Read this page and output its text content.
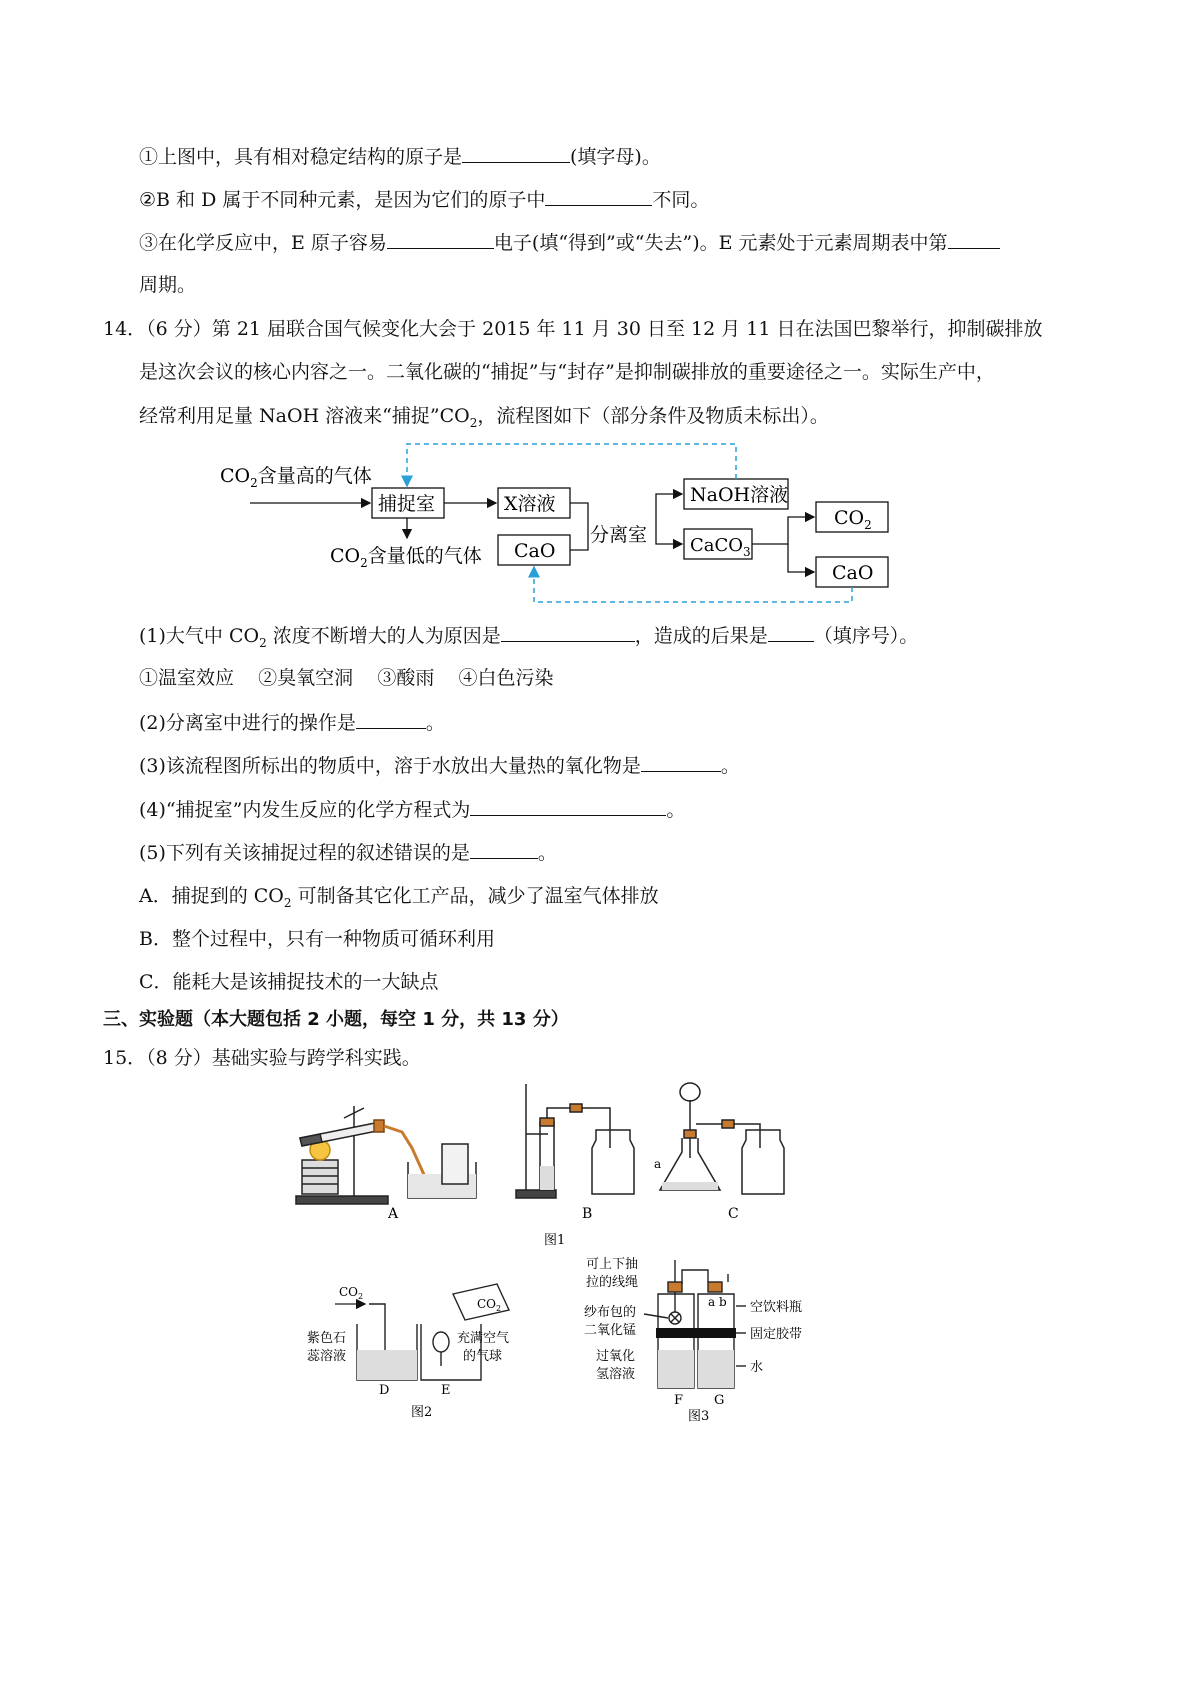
①上图中，具有相对稳定结构的原子是	(填字母)。
②B 和 D 属于不同种元素，是因为它们的原子中	不同。
③在化学反应中，E 原子容易	电子(填“得到”或“失去”)。E 元素处于元素周期表中第
周期。
14．（6 分）第 21 届联合国气候变化大会于 2015 年 11 月 30 日至 12 月 11 日在法国巴黎举行，抑制碳排放
是这次会议的核心内容之一。二氧化碳的“捕捉”与“封存”是抑制碳排放的重要途径之一。实际生产中，
经常利用足量 NaOH 溶液来“捕捉$”CO_2$，流程图如下（部分条件及物质未标出）。
$CO_2$含量高的气体
捕捉室
$CO_2$含量低的气体
X溶液
CaO
分离室
NaOH溶液
CaCO$_3$
$CO_2$
CaO
(1)大气中 $CO_2$ 浓度不断增大的人为原因是	，造成的后果是 （填序号）。
①温室效应    ②臭氧空洞    ③酸雨    ④白色污染
(2)分离室中进行的操作是	。
(3)该流程图所标出的物质中，溶于水放出大量热的氧化物是	。
(4)“捕捉室”内发生反应的化学方程式为	。
(5)下列有关该捕捉过程的叙述错误的是	。
A．捕捉到的 $CO_2$ 可制备其它化工产品，减少了温室气体排放
B．整个过程中，只有一种物质可循环利用
C．能耗大是该捕捉技术的一大缺点
三、实验题（本大题包括 2 小题，每空 1 分，共 13 分）
15．（8 分）基础实验与跨学科实践。
A	B
a
C
图1
$CO_2$
紫色石
蕊溶液
D
$CO_2$
充满空气
的气球
E
图2
可上下抽
拉的线绳
纱布包的
二氧化锰
过氧化
氢溶液
a b 空饮料瓶
固定胶带
水
F G
图3
